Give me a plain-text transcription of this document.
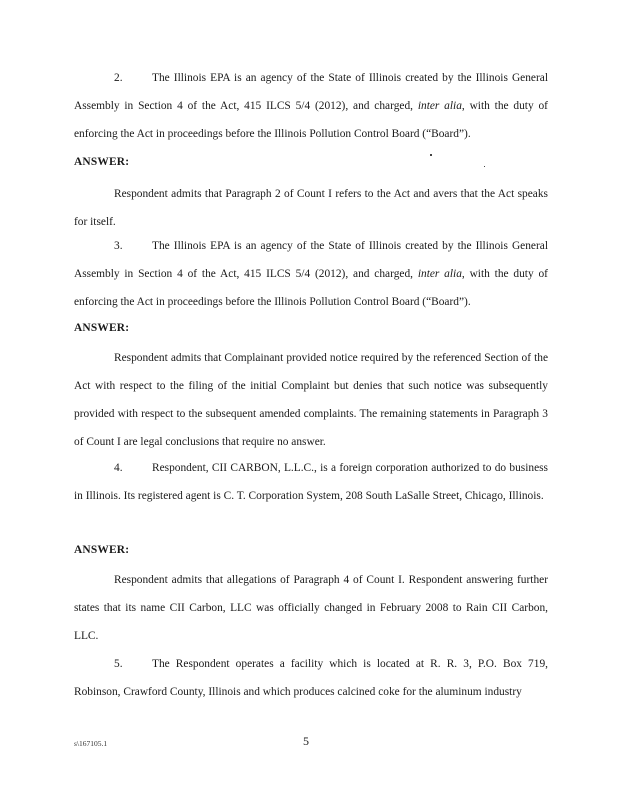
2.	The Illinois EPA is an agency of the State of Illinois created by the Illinois General Assembly in Section 4 of the Act, 415 ILCS 5/4 (2012), and charged, inter alia, with the duty of enforcing the Act in proceedings before the Illinois Pollution Control Board (“Board”).
ANSWER:
Respondent admits that Paragraph 2 of Count I refers to the Act and avers that the Act speaks for itself.
3.	The Illinois EPA is an agency of the State of Illinois created by the Illinois General Assembly in Section 4 of the Act, 415 ILCS 5/4 (2012), and charged, inter alia, with the duty of enforcing the Act in proceedings before the Illinois Pollution Control Board (“Board”).
ANSWER:
Respondent admits that Complainant provided notice required by the referenced Section of the Act with respect to the filing of the initial Complaint but denies that such notice was subsequently provided with respect to the subsequent amended complaints. The remaining statements in Paragraph 3 of Count I are legal conclusions that require no answer.
4.	Respondent, CII CARBON, L.L.C., is a foreign corporation authorized to do business in Illinois. Its registered agent is C. T. Corporation System, 208 South LaSalle Street, Chicago, Illinois.
ANSWER:
Respondent admits that allegations of Paragraph 4 of Count I. Respondent answering further states that its name CII Carbon, LLC was officially changed in February 2008 to Rain CII Carbon, LLC.
5.	The Respondent operates a facility which is located at R. R. 3, P.O. Box 719, Robinson, Crawford County, Illinois and which produces calcined coke for the aluminum industry
s\167105.1	5
